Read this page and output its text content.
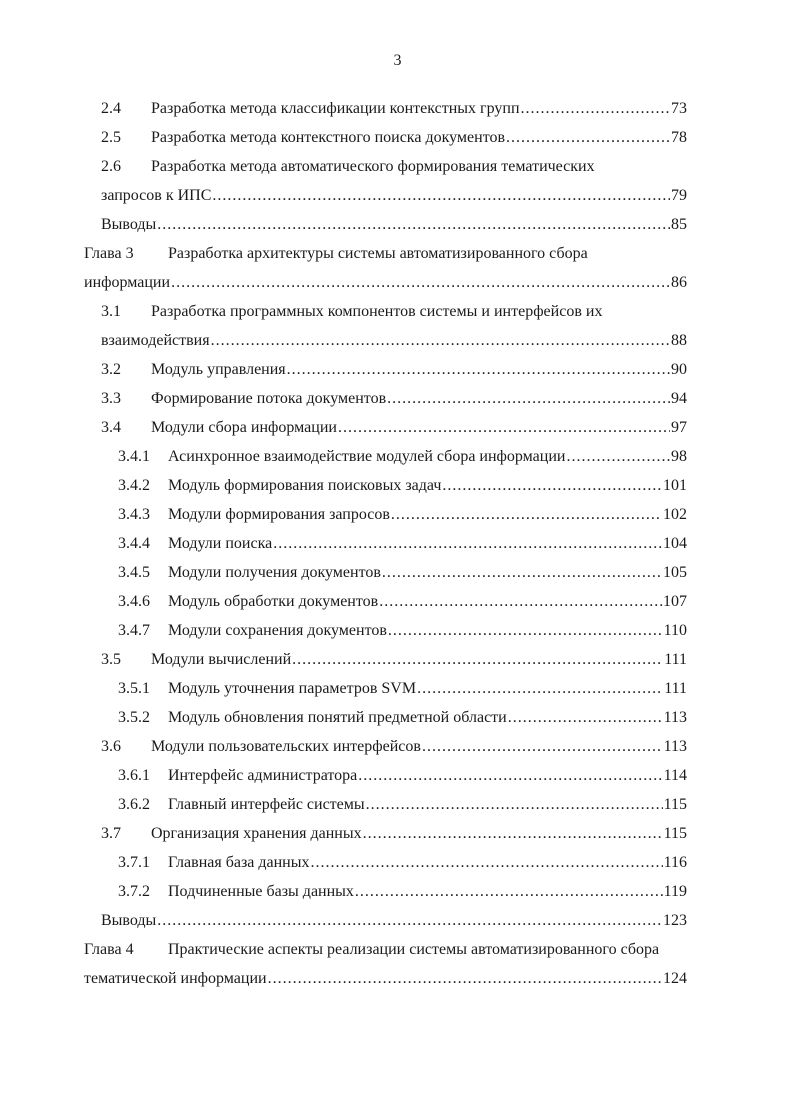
3
2.4	Разработка метода классификации контекстных групп .....	73
2.5	Разработка метода контекстного поиска документов .....	78
2.6	Разработка метода автоматического формирования тематических
запросов к ИПС .....	79
Выводы .....	85
Глава 3	Разработка архитектуры системы автоматизированного сбора
информации .....	86
3.1	Разработка программных компонентов системы и интерфейсов их
взаимодействия .....	88
3.2	Модуль управления .....	90
3.3	Формирование потока документов .....	94
3.4	Модули сбора информации .....	97
3.4.1	Асинхронное взаимодействие модулей сбора информации .....	98
3.4.2	Модуль формирования поисковых задач .....	101
3.4.3	Модули формирования запросов .....	102
3.4.4	Модули поиска .....	104
3.4.5	Модули получения документов .....	105
3.4.6	Модуль обработки документов .....	107
3.4.7	Модули сохранения документов .....	110
3.5	Модули вычислений .....	111
3.5.1	Модуль уточнения параметров SVM .....	111
3.5.2	Модуль обновления понятий предметной области .....	113
3.6	Модули пользовательских интерфейсов .....	113
3.6.1	Интерфейс администратора .....	114
3.6.2	Главный интерфейс системы .....	115
3.7	Организация хранения данных .....	115
3.7.1	Главная база данных .....	116
3.7.2	Подчиненные базы данных .....	119
Выводы .....	123
Глава 4	Практические аспекты реализации системы автоматизированного сбора
тематической информации .....	124
